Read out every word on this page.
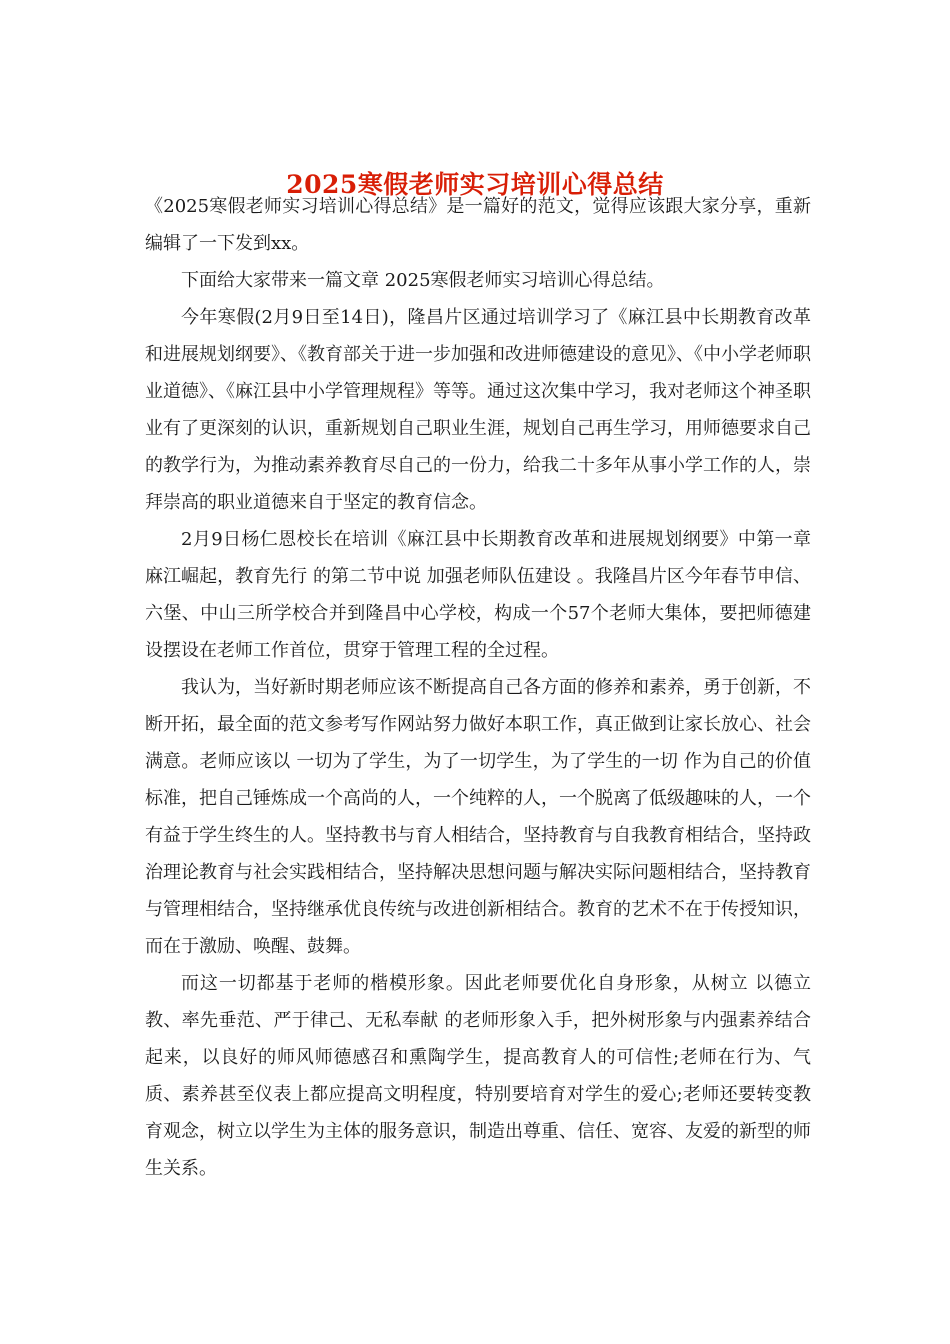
2025寒假老师实习培训心得总结

《2025寒假老师实习培训心得总结》是一篇好的范文，觉得应该跟大家分享，重新编辑了一下发到xx。

下面给大家带来一篇文章 2025寒假老师实习培训心得总结。

今年寒假(2月9日至14日)，隆昌片区通过培训学习了《麻江县中长期教育改革和进展规划纲要》、《教育部关于进一步加强和改进师德建设的意见》、《中小学老师职业道德》、《麻江县中小学管理规程》等等。通过这次集中学习，我对老师这个神圣职业有了更深刻的认识，重新规划自己职业生涯，规划自己再生学习，用师德要求自己的教学行为，为推动素养教育尽自己的一份力，给我二十多年从事小学工作的人，崇拜崇高的职业道德来自于坚定的教育信念。

2月9日杨仁恩校长在培训《麻江县中长期教育改革和进展规划纲要》中第一章 麻江崛起，教育先行 的第二节中说 加强老师队伍建设 。我隆昌片区今年春节申信、六堡、中山三所学校合并到隆昌中心学校，构成一个57个老师大集体，要把师德建设摆设在老师工作首位，贯穿于管理工程的全过程。

我认为，当好新时期老师应该不断提高自己各方面的修养和素养，勇于创新，不断开拓，最全面的范文参考写作网站努力做好本职工作，真正做到让家长放心、社会满意。老师应该以 一切为了学生，为了一切学生，为了学生的一切 作为自己的价值标准，把自己锤炼成一个高尚的人，一个纯粹的人，一个脱离了低级趣味的人，一个有益于学生终生的人。坚持教书与育人相结合，坚持教育与自我教育相结合，坚持政治理论教育与社会实践相结合，坚持解决思想问题与解决实际问题相结合，坚持教育与管理相结合，坚持继承优良传统与改进创新相结合。教育的艺术不在于传授知识，而在于激励、唤醒、鼓舞。

而这一切都基于老师的楷模形象。因此老师要优化自身形象，从树立 以德立教、率先垂范、严于律己、无私奉献 的老师形象入手，把外树形象与内强素养结合起来，以良好的师风师德感召和熏陶学生，提高教育人的可信性;老师在行为、气质、素养甚至仪表上都应提高文明程度，特别要培育对学生的爱心;老师还要转变教育观念，树立以学生为主体的服务意识，制造出尊重、信任、宽容、友爱的新型的师生关系。
